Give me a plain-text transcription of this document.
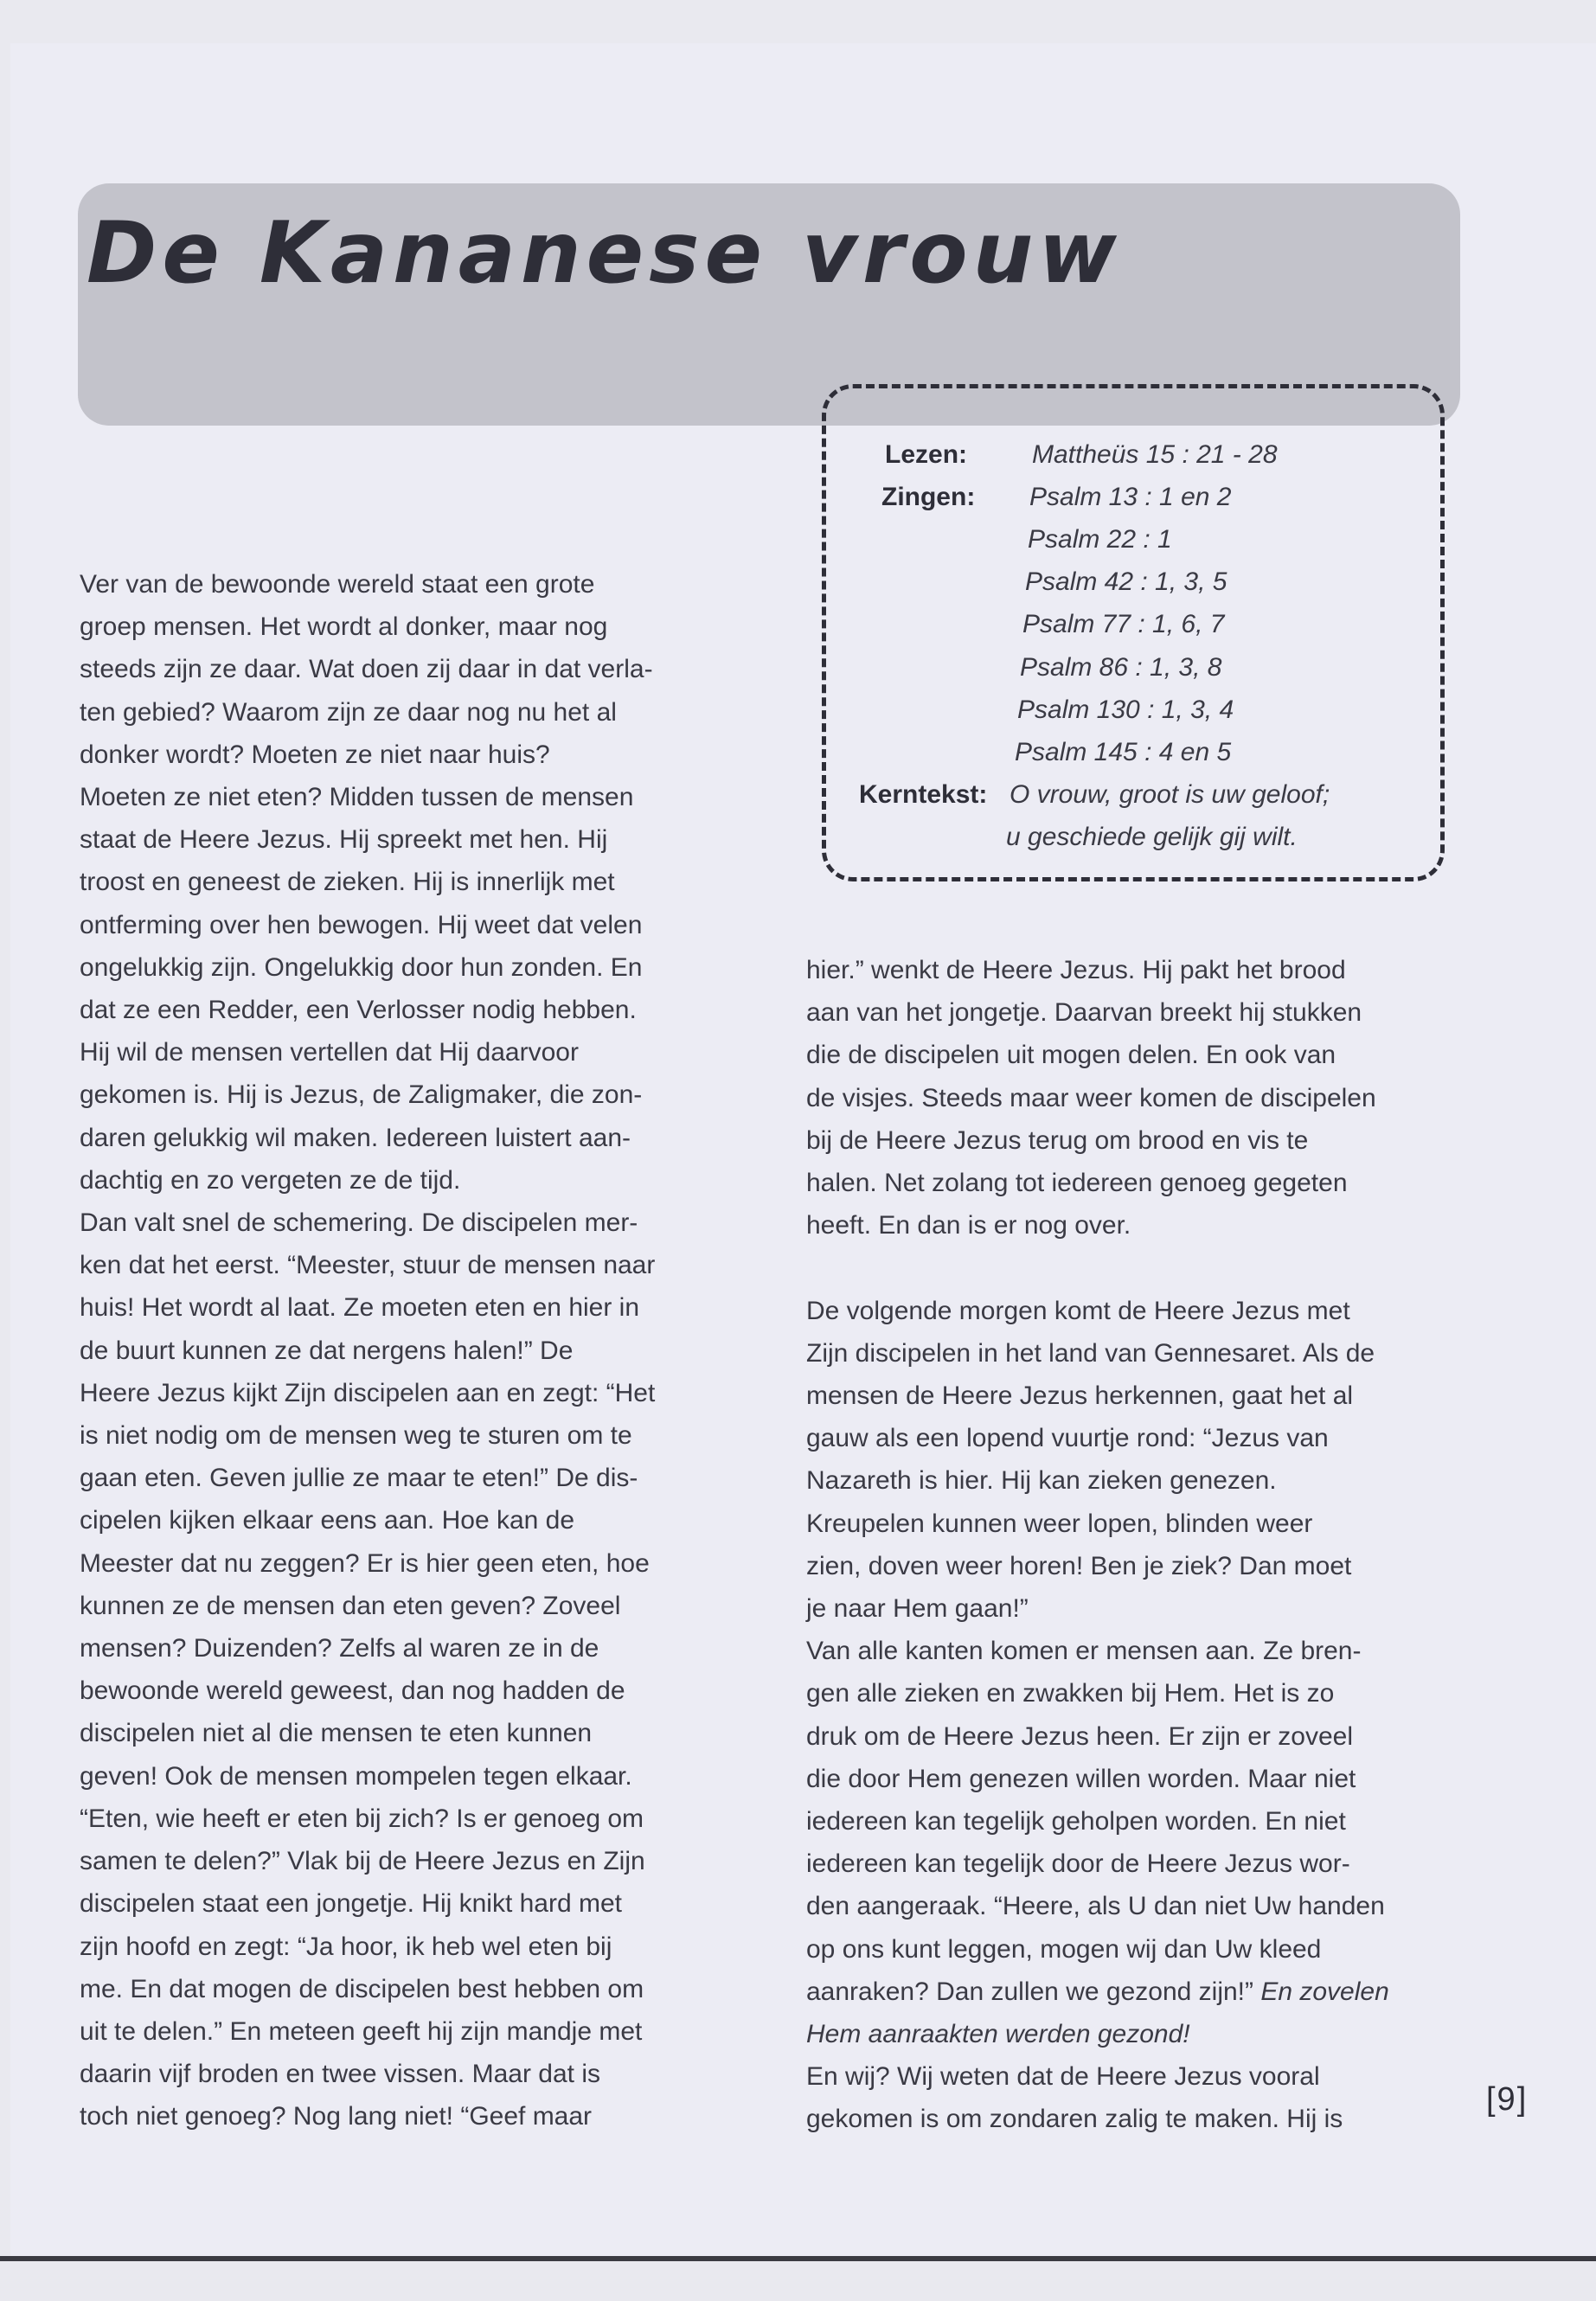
De Kananese vrouw
Lezen: Mattheüs 15 : 21 - 28
Zingen: Psalm 13 : 1 en 2
Psalm 22 : 1
Psalm 42 : 1, 3, 5
Psalm 77 : 1, 6, 7
Psalm 86 : 1, 3, 8
Psalm 130 : 1, 3, 4
Psalm 145 : 4 en 5
Kerntekst: O vrouw, groot is uw geloof;
u geschiede gelijk gij wilt.

Ver van de bewoonde wereld staat een grote

groep mensen. Het wordt al donker, maar nog

steeds zijn ze daar. Wat doen zij daar in dat verla-

ten gebied? Waarom zijn ze daar nog nu het al

donker wordt? Moeten ze niet naar huis?

Moeten ze niet eten? Midden tussen de mensen

staat de Heere Jezus. Hij spreekt met hen. Hij

troost en geneest de zieken. Hij is innerlijk met

ontferming over hen bewogen. Hij weet dat velen

ongelukkig zijn. Ongelukkig door hun zonden. En

dat ze een Redder, een Verlosser nodig hebben.

Hij wil de mensen vertellen dat Hij daarvoor

gekomen is. Hij is Jezus, de Zaligmaker, die zon-

daren gelukkig wil maken. Iedereen luistert aan-

dachtig en zo vergeten ze de tijd.

Dan valt snel de schemering. De discipelen mer-

ken dat het eerst. “Meester, stuur de mensen naar

huis! Het wordt al laat. Ze moeten eten en hier in

de buurt kunnen ze dat nergens halen!” De

Heere Jezus kijkt Zijn discipelen aan en zegt: “Het

is niet nodig om de mensen weg te sturen om te

gaan eten. Geven jullie ze maar te eten!” De dis-

cipelen kijken elkaar eens aan. Hoe kan de

Meester dat nu zeggen? Er is hier geen eten, hoe

kunnen ze de mensen dan eten geven? Zoveel

mensen? Duizenden? Zelfs al waren ze in de

bewoonde wereld geweest, dan nog hadden de

discipelen niet al die mensen te eten kunnen

geven! Ook de mensen mompelen tegen elkaar.

“Eten, wie heeft er eten bij zich? Is er genoeg om

samen te delen?” Vlak bij de Heere Jezus en Zijn

discipelen staat een jongetje. Hij knikt hard met

zijn hoofd en zegt: “Ja hoor, ik heb wel eten bij

me. En dat mogen de discipelen best hebben om

uit te delen.” En meteen geeft hij zijn mandje met

daarin vijf broden en twee vissen. Maar dat is

toch niet genoeg? Nog lang niet! “Geef maar

hier.” wenkt de Heere Jezus. Hij pakt het brood

aan van het jongetje. Daarvan breekt hij stukken

die de discipelen uit mogen delen. En ook van

de visjes. Steeds maar weer komen de discipelen

bij de Heere Jezus terug om brood en vis te

halen. Net zolang tot iedereen genoeg gegeten

heeft. En dan is er nog over.

De volgende morgen komt de Heere Jezus met

Zijn discipelen in het land van Gennesaret. Als de

mensen de Heere Jezus herkennen, gaat het al

gauw als een lopend vuurtje rond: “Jezus van

Nazareth is hier. Hij kan zieken genezen.

Kreupelen kunnen weer lopen, blinden weer

zien, doven weer horen! Ben je ziek? Dan moet

je naar Hem gaan!”

Van alle kanten komen er mensen aan. Ze bren-

gen alle zieken en zwakken bij Hem. Het is zo

druk om de Heere Jezus heen. Er zijn er zoveel

die door Hem genezen willen worden. Maar niet

iedereen kan tegelijk geholpen worden. En niet

iedereen kan tegelijk door de Heere Jezus wor-

den aangeraak. “Heere, als U dan niet Uw handen

op ons kunt leggen, mogen wij dan Uw kleed

aanraken? Dan zullen we gezond zijn!” En zovelen

Hem aanraakten werden gezond!

En wij? Wij weten dat de Heere Jezus vooral

gekomen is om zondaren zalig te maken. Hij is

[9]
